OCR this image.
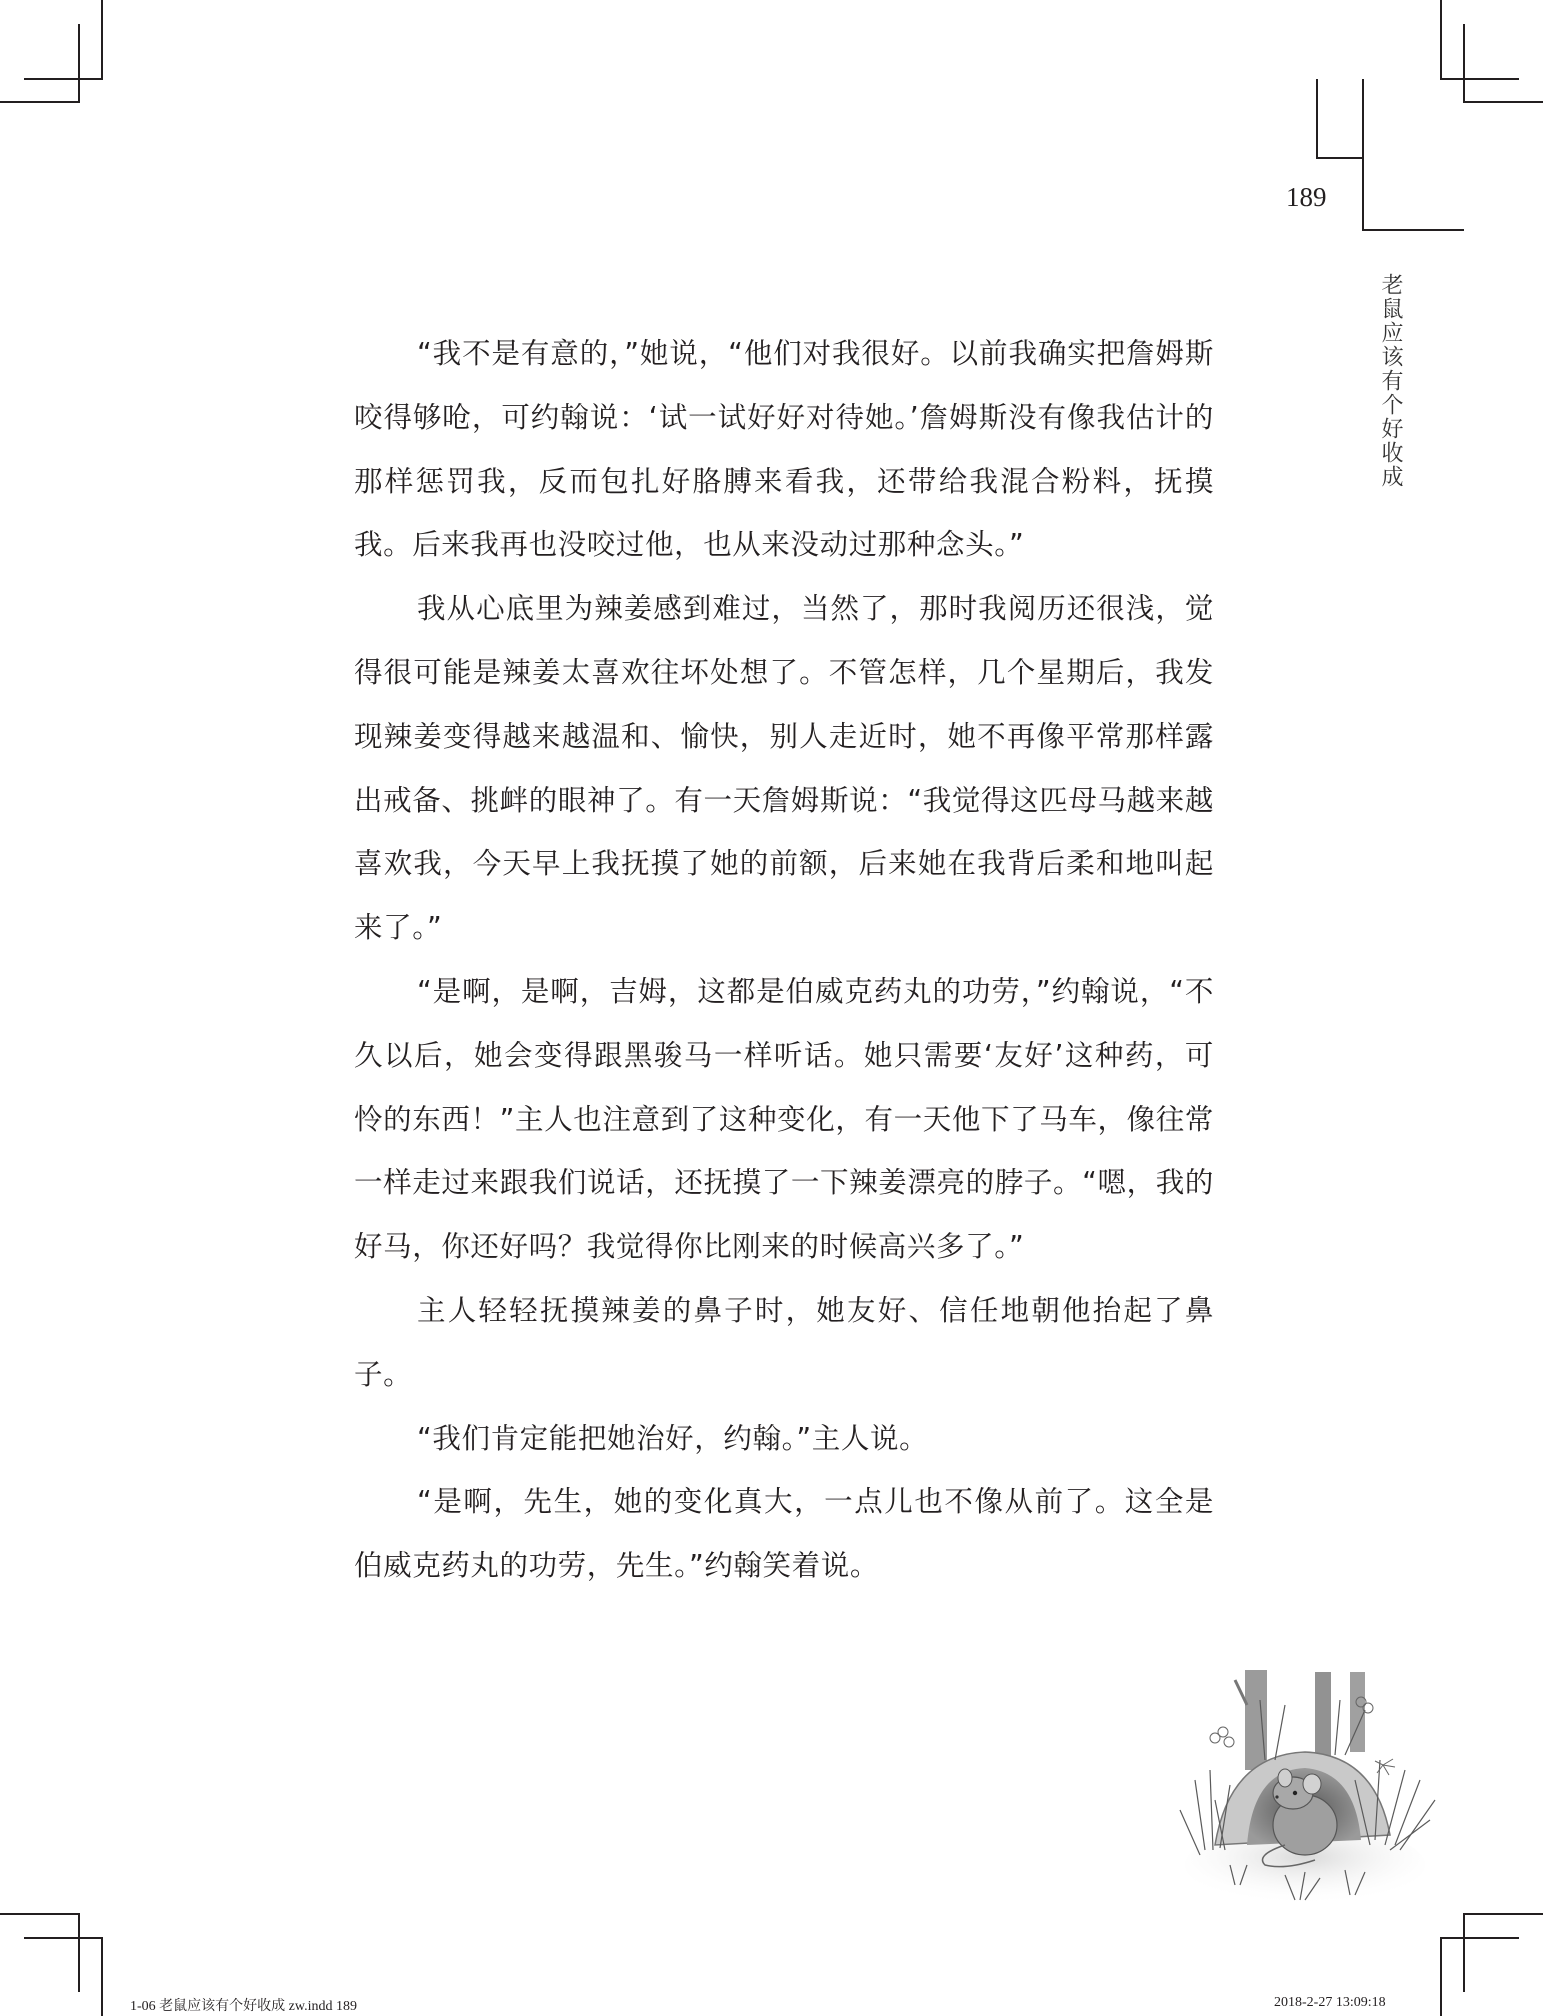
189
老鼠应该有个好收成

“我不是有意的，”她说，“他们对我很好。以前我确实把詹姆斯咬得够呛，可约翰说：‘试一试好好对待她。’詹姆斯没有像我估计的那样惩罚我，反而包扎好胳膊来看我，还带给我混合粉料，抚摸我。后来我再也没咬过他，也从来没动过那种念头。”

我从心底里为辣姜感到难过，当然了，那时我阅历还很浅，觉得很可能是辣姜太喜欢往坏处想了。不管怎样，几个星期后，我发现辣姜变得越来越温和、愉快，别人走近时，她不再像平常那样露出戒备、挑衅的眼神了。有一天詹姆斯说：“我觉得这匹母马越来越喜欢我，今天早上我抚摸了她的前额，后来她在我背后柔和地叫起来了。”

“是啊，是啊，吉姆，这都是伯威克药丸的功劳，”约翰说，“不久以后，她会变得跟黑骏马一样听话。她只需要‘友好’这种药，可怜的东西！”主人也注意到了这种变化，有一天他下了马车，像往常一样走过来跟我们说话，还抚摸了一下辣姜漂亮的脖子。“嗯，我的好马，你还好吗？我觉得你比刚来的时候高兴多了。”

主人轻轻抚摸辣姜的鼻子时，她友好、信任地朝他抬起了鼻子。

“我们肯定能把她治好，约翰。”主人说。

“是啊，先生，她的变化真大，一点儿也不像从前了。这全是伯威克药丸的功劳，先生。”约翰笑着说。

1-06 老鼠应该有个好收成 zw.indd 189	2018-2-27 13:09:18
